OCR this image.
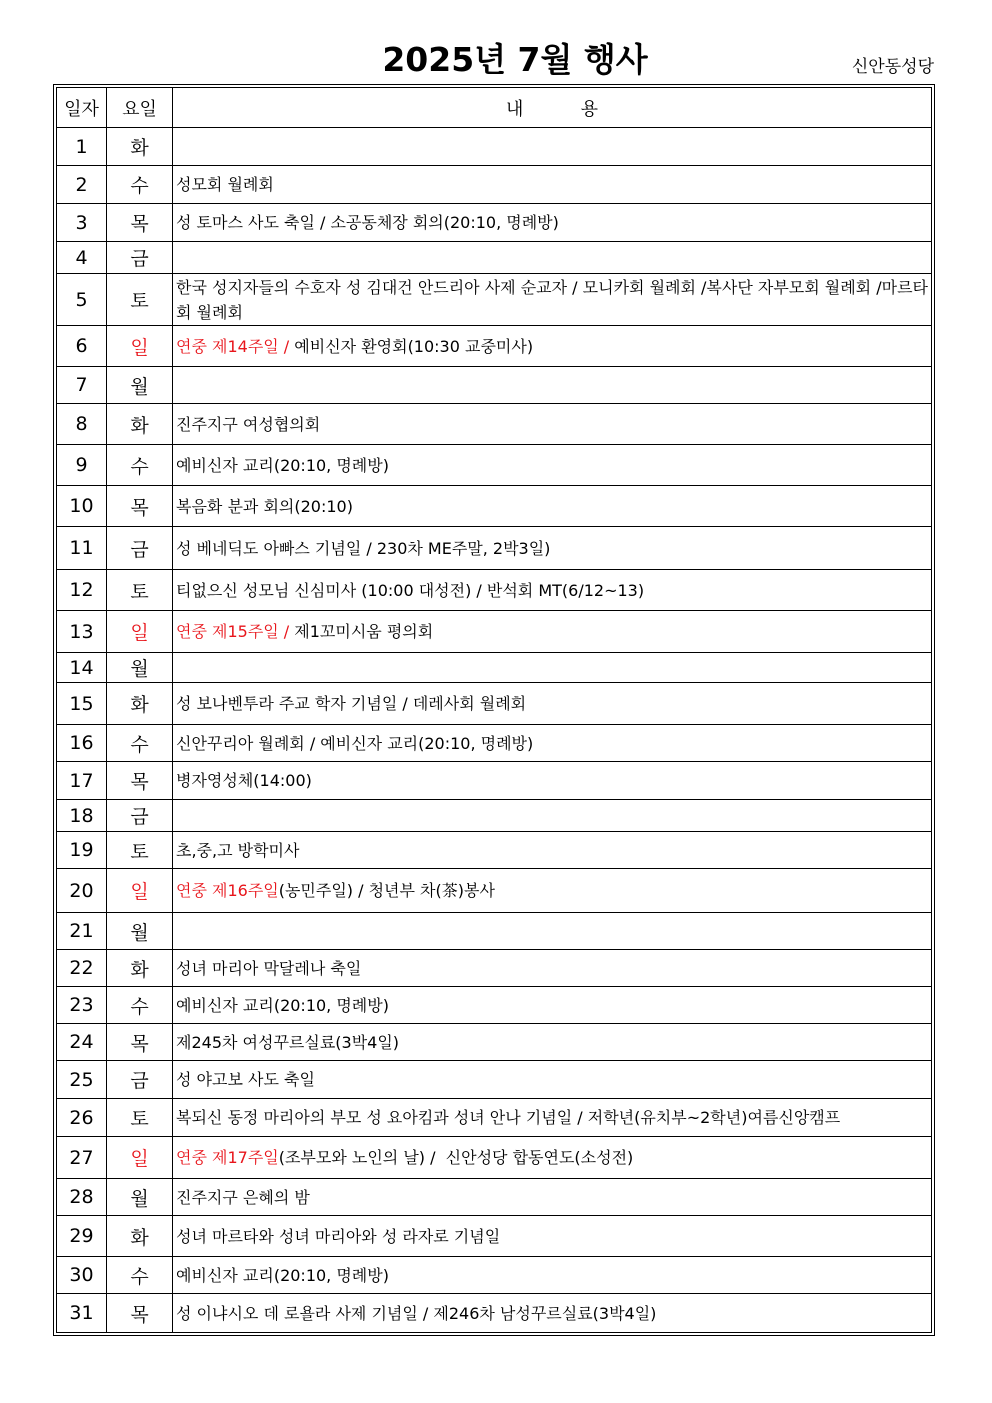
2025년 7월 행사	신안동성당
일자	요일	내          용
1	화	
2	수	성모회 월례회
3	목	성 토마스 사도 축일 / 소공동체장 회의(20:10, 명례방)
4	금	
5	토	한국 성지자들의 수호자 성 김대건 안드리아 사제 순교자 / 모니카회 월례회 /복사단 자부모회 월례회 /마르타회 월례회
6	일	연중 제14주일 / 예비신자 환영회(10:30 교중미사)
7	월	
8	화	진주지구 여성협의회
9	수	예비신자 교리(20:10, 명례방)
10	목	복음화 분과 회의(20:10)
11	금	성 베네딕도 아빠스 기념일 / 230차 ME주말, 2박3일)
12	토	티없으신 성모님 신심미사 (10:00 대성전) / 반석회 MT(6/12~13)
13	일	연중 제15주일 / 제1꼬미시움 평의회
14	월	
15	화	성 보나벤투라 주교 학자 기념일 / 데레사회 월례회
16	수	신안꾸리아 월례회 / 예비신자 교리(20:10, 명례방)
17	목	병자영성체(14:00)
18	금	
19	토	초,중,고 방학미사
20	일	연중 제16주일(농민주일) / 청년부 차(茶)봉사
21	월	
22	화	성녀 마리아 막달레나 축일
23	수	예비신자 교리(20:10, 명례방)
24	목	제245차 여성꾸르실료(3박4일)
25	금	성 야고보 사도 축일
26	토	복되신 동정 마리아의 부모 성 요아킴과 성녀 안나 기념일 / 저학년(유치부~2학년)여름신앙캠프
27	일	연중 제17주일(조부모와 노인의 날) /  신안성당 합동연도(소성전)
28	월	진주지구 은혜의 밤
29	화	성녀 마르타와 성녀 마리아와 성 라자로 기념일
30	수	예비신자 교리(20:10, 명례방)
31	목	성 이냐시오 데 로욜라 사제 기념일 / 제246차 남성꾸르실료(3박4일)
